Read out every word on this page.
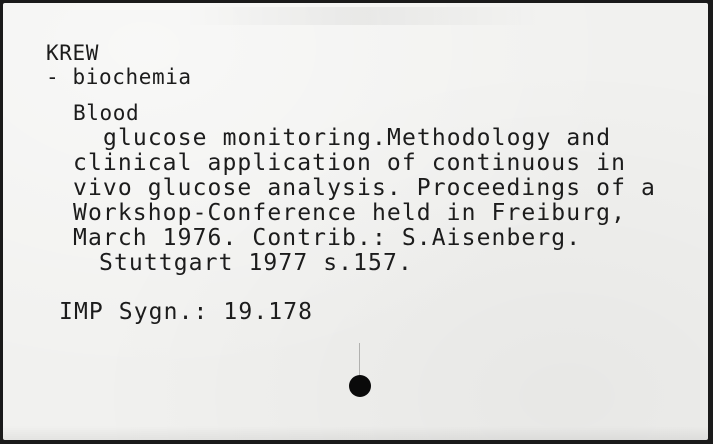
KREW
- biochemia
Blood
glucose monitoring.Methodology and
clinical application of continuous in
vivo glucose analysis. Proceedings of a
Workshop-Conference held in Freiburg,
March 1976. Contrib.: S.Aisenberg.
Stuttgart 1977 s.157.
IMP Sygn.: 19.178
